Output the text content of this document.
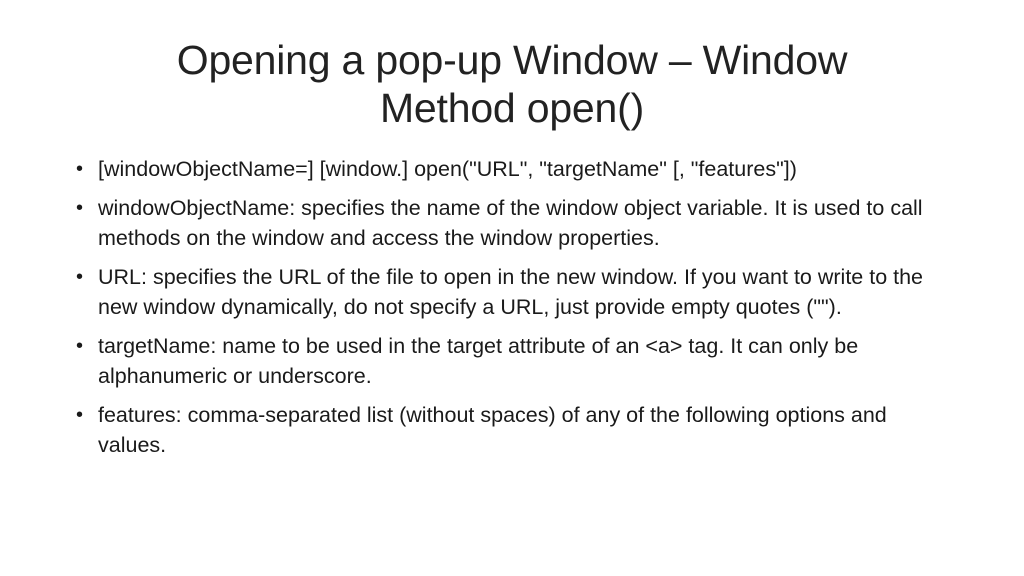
Opening a pop-up Window – Window
Method open()
• [windowObjectName=] [window.] open("URL", "targetName" [, "features"])
• windowObjectName: specifies the name of the window object variable. It is used to call methods on the window and access the window properties.
• URL: specifies the URL of the file to open in the new window. If you want to write to the new window dynamically, do not specify a URL, just provide empty quotes ("").
• targetName: name to be used in the target attribute of an <a> tag. It can only be alphanumeric or underscore.
• features: comma-separated list (without spaces) of any of the following options and values.
